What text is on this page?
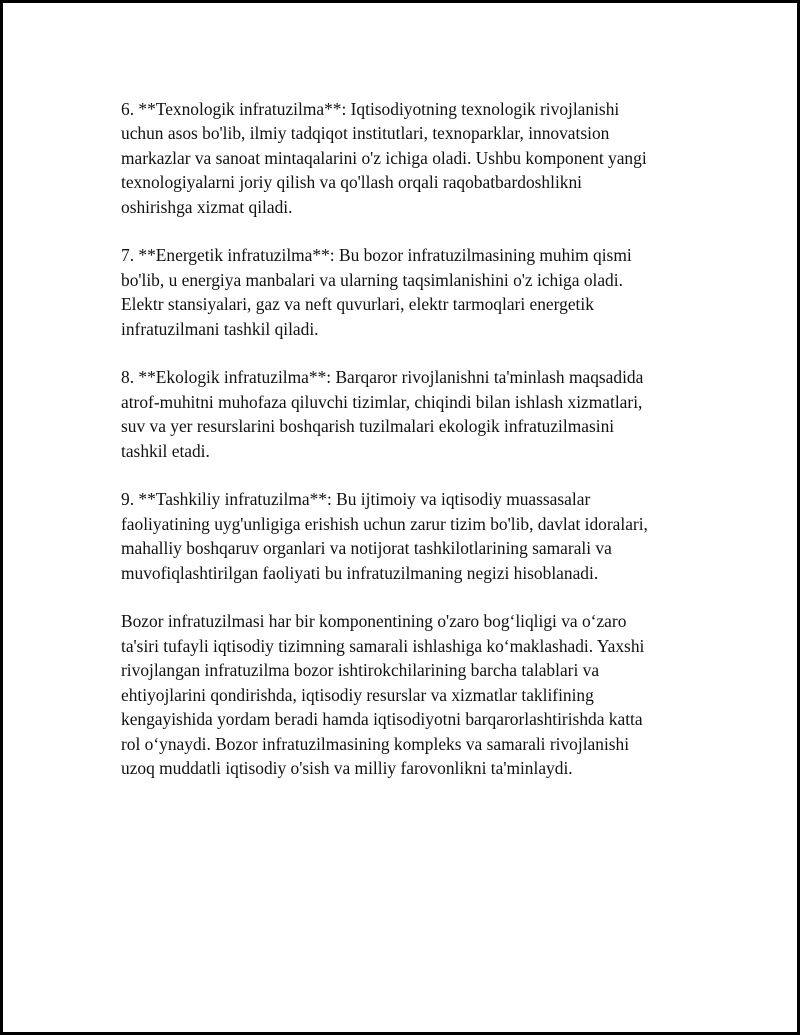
6. **Texnologik infratuzilma**: Iqtisodiyotning texnologik rivojlanishi
uchun asos bo'lib, ilmiy tadqiqot institutlari, texnoparklar, innovatsion
markazlar va sanoat mintaqalarini o'z ichiga oladi. Ushbu komponent yangi
texnologiyalarni joriy qilish va qo'llash orqali raqobatbardoshlikni
oshirishga xizmat qiladi.

7. **Energetik infratuzilma**: Bu bozor infratuzilmasining muhim qismi
bo'lib, u energiya manbalari va ularning taqsimlanishini o'z ichiga oladi.
Elektr stansiyalari, gaz va neft quvurlari, elektr tarmoqlari energetik
infratuzilmani tashkil qiladi.

8. **Ekologik infratuzilma**: Barqaror rivojlanishni ta'minlash maqsadida
atrof-muhitni muhofaza qiluvchi tizimlar, chiqindi bilan ishlash xizmatlari,
suv va yer resurslarini boshqarish tuzilmalari ekologik infratuzilmasini
tashkil etadi.

9. **Tashkiliy infratuzilma**: Bu ijtimoiy va iqtisodiy muassasalar
faoliyatining uyg'unligiga erishish uchun zarur tizim bo'lib, davlat idoralari,
mahalliy boshqaruv organlari va notijorat tashkilotlarining samarali va
muvofiqlashtirilgan faoliyati bu infratuzilmaning negizi hisoblanadi.

Bozor infratuzilmasi har bir komponentining o'zaro bog‘liqligi va o‘zaro
ta'siri tufayli iqtisodiy tizimning samarali ishlashiga ko‘maklashadi. Yaxshi
rivojlangan infratuzilma bozor ishtirokchilarining barcha talablari va
ehtiyojlarini qondirishda, iqtisodiy resurslar va xizmatlar taklifining
kengayishida yordam beradi hamda iqtisodiyotni barqarorlashtirishda katta
rol o‘ynaydi. Bozor infratuzilmasining kompleks va samarali rivojlanishi
uzoq muddatli iqtisodiy o'sish va milliy farovonlikni ta'minlaydi.
